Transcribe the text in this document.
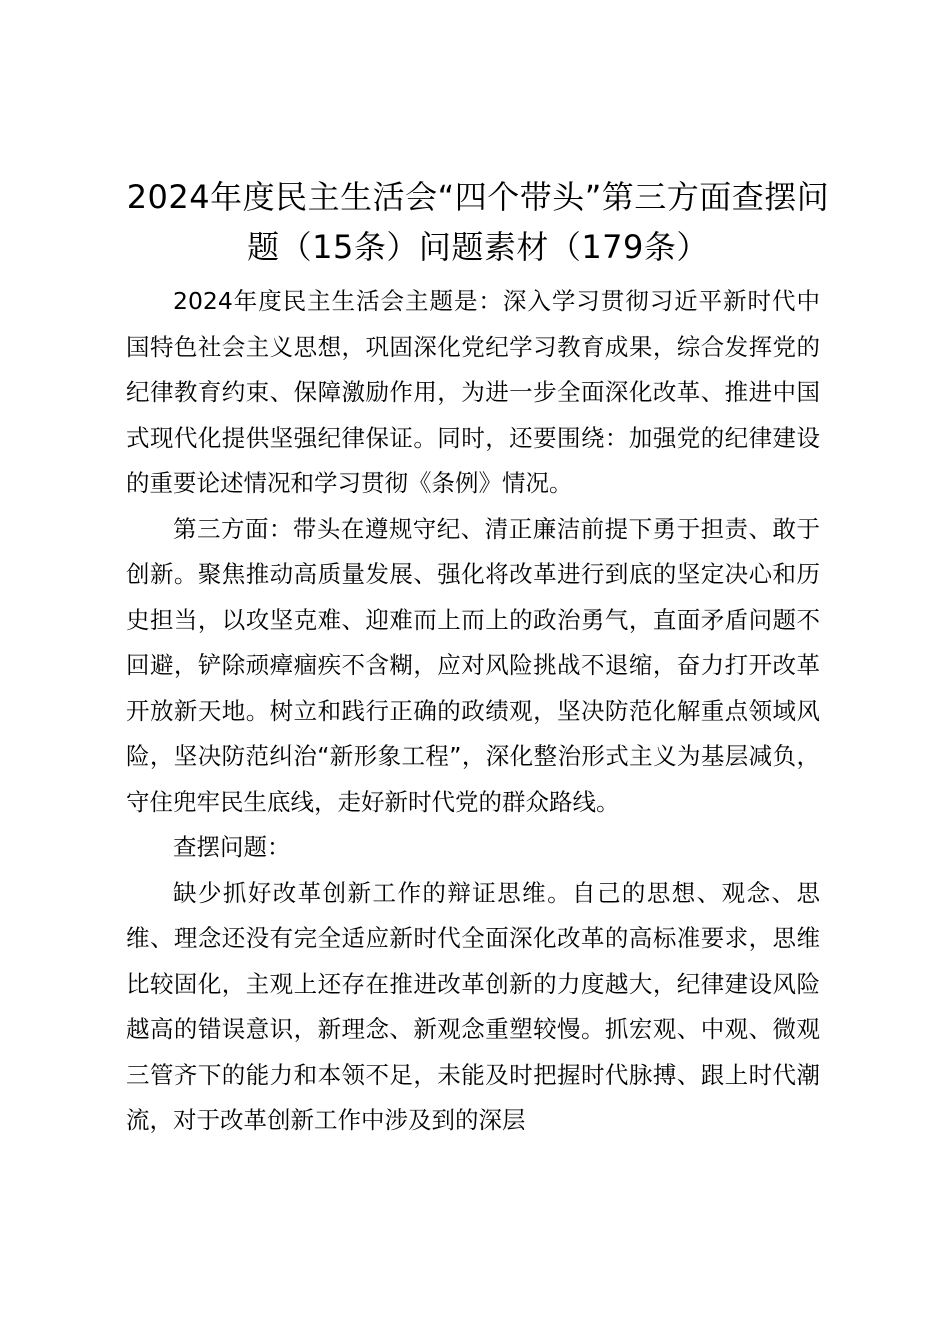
2024年度民主生活会“四个带头”第三方面查摆问题（15条）问题素材（179条）

2024年度民主生活会主题是：深入学习贯彻习近平新时代中国特色社会主义思想，巩固深化党纪学习教育成果，综合发挥党的纪律教育约束、保障激励作用，为进一步全面深化改革、推进中国式现代化提供坚强纪律保证。同时，还要围绕：加强党的纪律建设的重要论述情况和学习贯彻《条例》情况。

第三方面：带头在遵规守纪、清正廉洁前提下勇于担责、敢于创新。聚焦推动高质量发展、强化将改革进行到底的坚定决心和历史担当，以攻坚克难、迎难而上而上的政治勇气，直面矛盾问题不回避，铲除顽瘴痼疾不含糊，应对风险挑战不退缩，奋力打开改革开放新天地。树立和践行正确的政绩观，坚决防范化解重点领域风险，坚决防范纠治“新形象工程”，深化整治形式主义为基层减负，守住兜牢民生底线，走好新时代党的群众路线。

查摆问题：

缺少抓好改革创新工作的辩证思维。自己的思想、观念、思维、理念还没有完全适应新时代全面深化改革的高标准要求，思维比较固化，主观上还存在推进改革创新的力度越大，纪律建设风险越高的错误意识，新理念、新观念重塑较慢。抓宏观、中观、微观三管齐下的能力和本领不足，未能及时把握时代脉搏、跟上时代潮流，对于改革创新工作中涉及到的深层
